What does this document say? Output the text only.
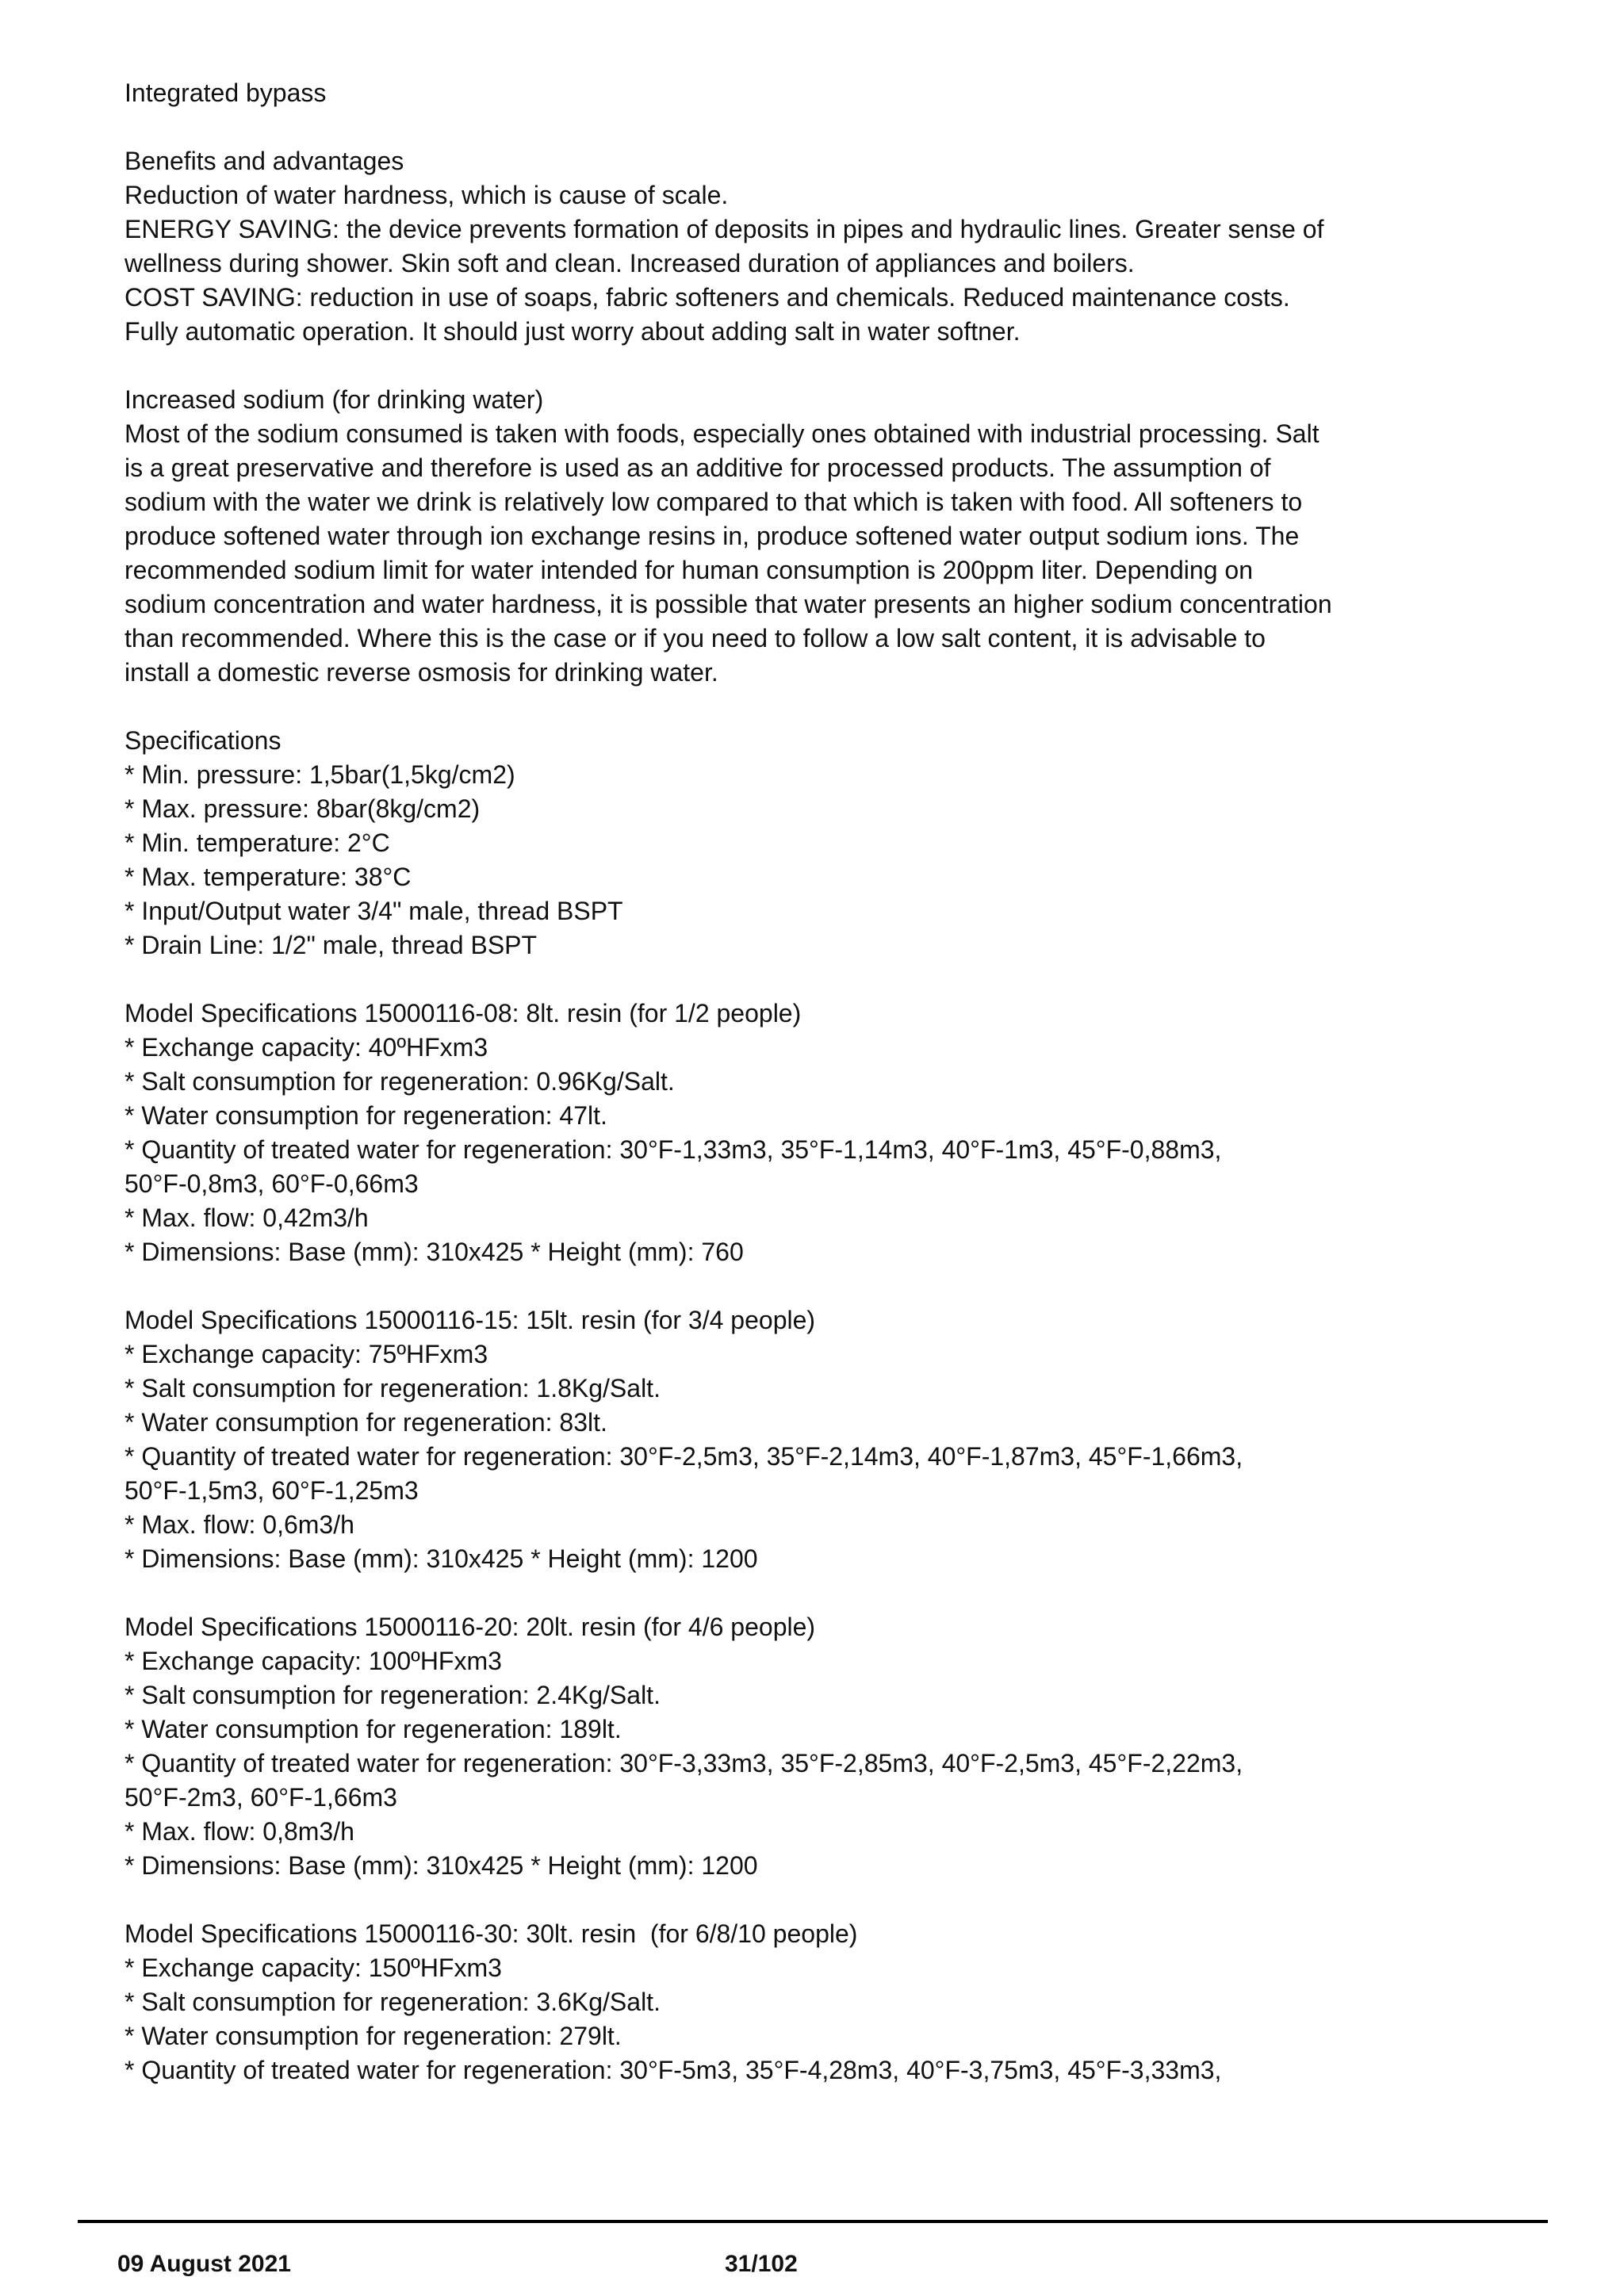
Integrated bypass
Benefits and advantages
Reduction of water hardness, which is cause of scale.
ENERGY SAVING: the device prevents formation of deposits in pipes and hydraulic lines. Greater sense of
wellness during shower. Skin soft and clean. Increased duration of appliances and boilers.
COST SAVING: reduction in use of soaps, fabric softeners and chemicals. Reduced maintenance costs.
Fully automatic operation. It should just worry about adding salt in water softner.
Increased sodium (for drinking water)
Most of the sodium consumed is taken with foods, especially ones obtained with industrial processing. Salt
is a great preservative and therefore is used as an additive for processed products. The assumption of
sodium with the water we drink is relatively low compared to that which is taken with food. All softeners to
produce softened water through ion exchange resins in, produce softened water output sodium ions. The
recommended sodium limit for water intended for human consumption is 200ppm liter. Depending on
sodium concentration and water hardness, it is possible that water presents an higher sodium concentration
than recommended. Where this is the case or if you need to follow a low salt content, it is advisable to
install a domestic reverse osmosis for drinking water.
Specifications
* Min. pressure: 1,5bar(1,5kg/cm2)
* Max. pressure: 8bar(8kg/cm2)
* Min. temperature: 2°C
* Max. temperature: 38°C
* Input/Output water 3/4" male, thread BSPT
* Drain Line: 1/2" male, thread BSPT
Model Specifications 15000116-08: 8lt. resin (for 1/2 people)
* Exchange capacity: 40ºHFxm3
* Salt consumption for regeneration: 0.96Kg/Salt.
* Water consumption for regeneration: 47lt.
* Quantity of treated water for regeneration: 30°F-1,33m3, 35°F-1,14m3, 40°F-1m3, 45°F-0,88m3,
50°F-0,8m3, 60°F-0,66m3
* Max. flow: 0,42m3/h
* Dimensions: Base (mm): 310x425 * Height (mm): 760
Model Specifications 15000116-15: 15lt. resin (for 3/4 people)
* Exchange capacity: 75ºHFxm3
* Salt consumption for regeneration: 1.8Kg/Salt.
* Water consumption for regeneration: 83lt.
* Quantity of treated water for regeneration: 30°F-2,5m3, 35°F-2,14m3, 40°F-1,87m3, 45°F-1,66m3,
50°F-1,5m3, 60°F-1,25m3
* Max. flow: 0,6m3/h
* Dimensions: Base (mm): 310x425 * Height (mm): 1200
Model Specifications 15000116-20: 20lt. resin (for 4/6 people)
* Exchange capacity: 100ºHFxm3
* Salt consumption for regeneration: 2.4Kg/Salt.
* Water consumption for regeneration: 189lt.
* Quantity of treated water for regeneration: 30°F-3,33m3, 35°F-2,85m3, 40°F-2,5m3, 45°F-2,22m3,
50°F-2m3, 60°F-1,66m3
* Max. flow: 0,8m3/h
* Dimensions: Base (mm): 310x425 * Height (mm): 1200
Model Specifications 15000116-30: 30lt. resin  (for 6/8/10 people)
* Exchange capacity: 150ºHFxm3
* Salt consumption for regeneration: 3.6Kg/Salt.
* Water consumption for regeneration: 279lt.
* Quantity of treated water for regeneration: 30°F-5m3, 35°F-4,28m3, 40°F-3,75m3, 45°F-3,33m3,
09 August 2021	31/102
